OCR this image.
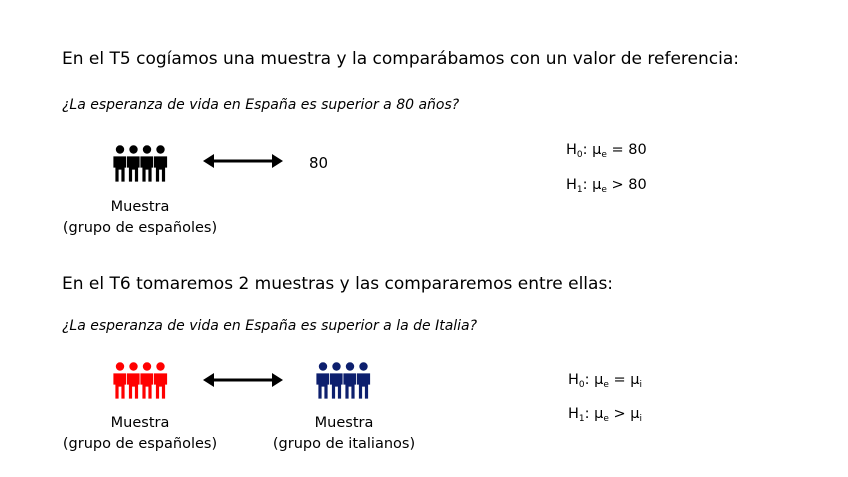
En el T5 cogíamos una muestra y la comparábamos con un valor de referencia:
¿La esperanza de vida en España es superior a 80 años?
80
Muestra
(grupo de españoles)
$H_0$: $\mu_e = 80$
$H_1$: $\mu_e > 80$
En el T6 tomaremos 2 muestras y las compararemos entre ellas:
¿La esperanza de vida en España es superior a la de Italia?
Muestra
(grupo de españoles)
Muestra
(grupo de italianos)
$H_0$: $\mu_e = \mu_i$
$H_1$: $\mu_e > \mu_i$
